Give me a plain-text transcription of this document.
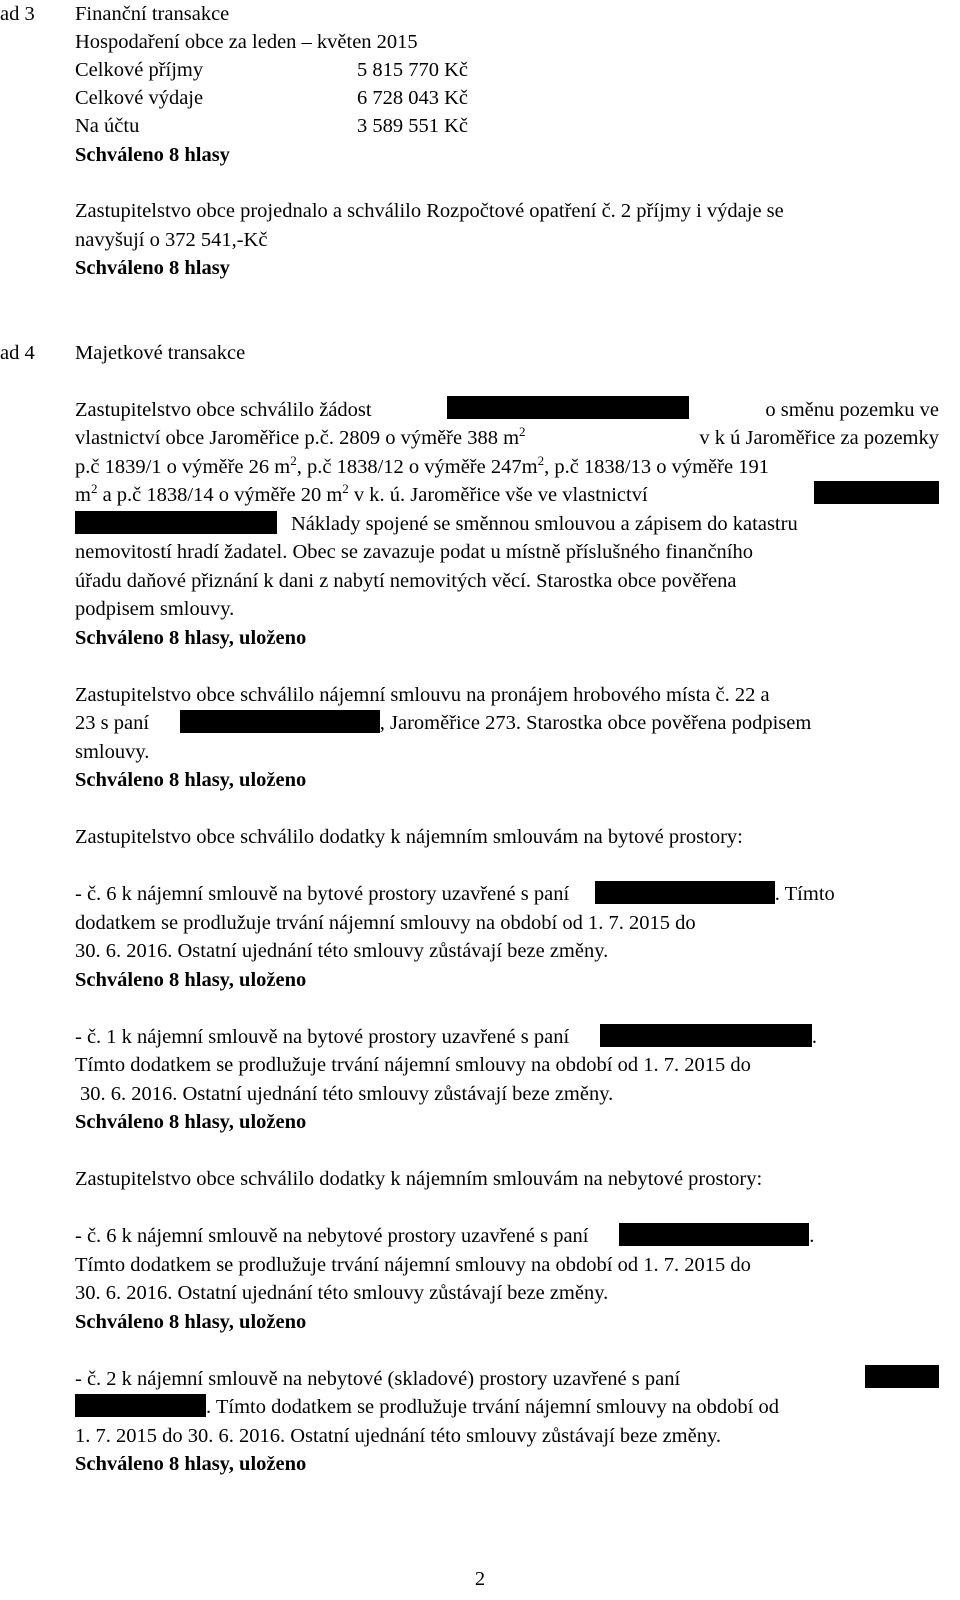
ad 3	Finanční transakce
Hospodaření obce za leden – květen 2015
Celkové příjmy	5 815 770 Kč
Celkové výdaje	6 728 043 Kč
Na účtu	3 589 551 Kč
Schváleno 8 hlasy
Zastupitelstvo obce projednalo a schválilo Rozpočtové opatření č. 2 příjmy i výdaje se
navyšují o 372 541,-Kč
Schváleno 8 hlasy
ad 4	Majetkové transakce
Zastupitelstvo obce schválilo žádost	o směnu pozemku ve
vlastnictví obce Jaroměřice p.č. 2809 o výměře 388 $m^2$	v k ú Jaroměřice za pozemky
p.č 1839/1 o výměře 26 $m^2$, p.č 1838/12 o výměře $247m^2$, p.č 1838/13 o výměře 191
$m^2$ a p.č 1838/14 o výměře 20 $m^2$ v k. ú. Jaroměřice vše ve vlastnictví
Náklady spojené se směnnou smlouvou a zápisem do katastru
nemovitostí hradí žadatel. Obec se zavazuje podat u místně příslušného finančního
úřadu daňové přiznání k dani z nabytí nemovitých věcí. Starostka obce pověřena
podpisem smlouvy.
Schváleno 8 hlasy, uloženo
Zastupitelstvo obce schválilo nájemní smlouvu na pronájem hrobového místa č. 22 a
23 s paní	, Jaroměřice 273. Starostka obce pověřena podpisem
smlouvy.
Schváleno 8 hlasy, uloženo
Zastupitelstvo obce schválilo dodatky k nájemním smlouvám na bytové prostory:
- č. 6 k nájemní smlouvě na bytové prostory uzavřené s paní	. Tímto
dodatkem se prodlužuje trvání nájemní smlouvy na období od 1. 7. 2015 do
30. 6. 2016. Ostatní ujednání této smlouvy zůstávají beze změny.
Schváleno 8 hlasy, uloženo
- č. 1 k nájemní smlouvě na bytové prostory uzavřené s paní	.
Tímto dodatkem se prodlužuje trvání nájemní smlouvy na období od 1. 7. 2015 do
30. 6. 2016. Ostatní ujednání této smlouvy zůstávají beze změny.
Schváleno 8 hlasy, uloženo
Zastupitelstvo obce schválilo dodatky k nájemním smlouvám na nebytové prostory:
- č. 6 k nájemní smlouvě na nebytové prostory uzavřené s paní	.
Tímto dodatkem se prodlužuje trvání nájemní smlouvy na období od 1. 7. 2015 do
30. 6. 2016. Ostatní ujednání této smlouvy zůstávají beze změny.
Schváleno 8 hlasy, uloženo
- č. 2 k nájemní smlouvě na nebytové (skladové) prostory uzavřené s paní
. Tímto dodatkem se prodlužuje trvání nájemní smlouvy na období od
1. 7. 2015 do 30. 6. 2016. Ostatní ujednání této smlouvy zůstávají beze změny.
Schváleno 8 hlasy, uloženo
2
